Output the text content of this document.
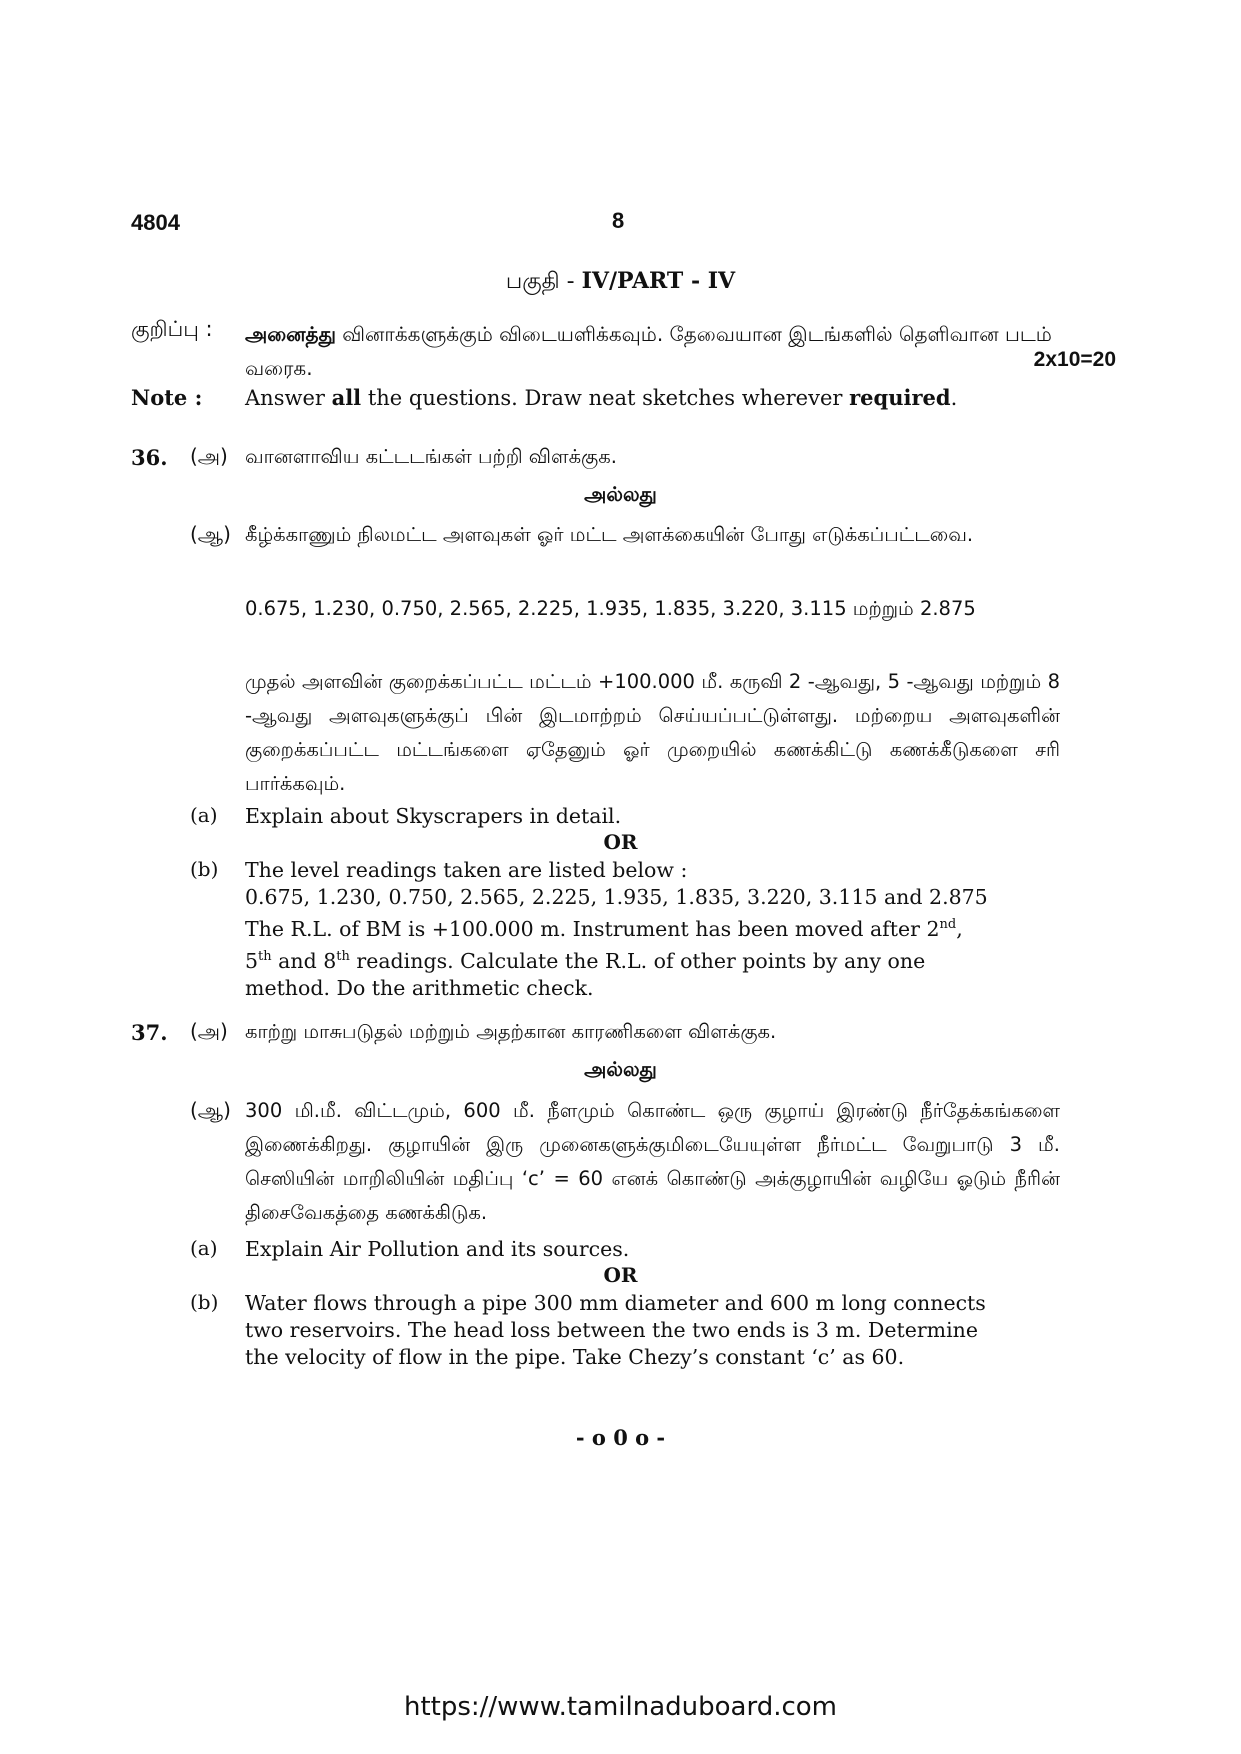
4804	8
பகுதி - IV/PART - IV
குறிப்பு : அனைத்து வினாக்களுக்கும் விடையளிக்கவும். தேவையான இடங்களில் தெளிவான படம் வரைக.	2x10=20
Note : Answer all the questions. Draw neat sketches wherever required.
36. (அ) வானளாவிய கட்டடங்கள் பற்றி விளக்குக.
அல்லது
(ஆ) கீழ்க்காணும் நிலமட்ட அளவுகள் ஓர் மட்ட அளக்கையின் போது எடுக்கப்பட்டவை.
0.675, 1.230, 0.750, 2.565, 2.225, 1.935, 1.835, 3.220, 3.115 மற்றும் 2.875
முதல் அளவின் குறைக்கப்பட்ட மட்டம் +100.000 மீ. கருவி 2 -ஆவது, 5 -ஆவது மற்றும் 8 -ஆவது அளவுகளுக்குப் பின் இடமாற்றம் செய்யப்பட்டுள்ளது. மற்றைய அளவுகளின் குறைக்கப்பட்ட மட்டங்களை ஏதேனும் ஓர் முறையில் கணக்கிட்டு கணக்கீடுகளை சரி பார்க்கவும்.
(a) Explain about Skyscrapers in detail.
OR
(b) The level readings taken are listed below :
0.675, 1.230, 0.750, 2.565, 2.225, 1.935, 1.835, 3.220, 3.115 and 2.875
The R.L. of BM is +100.000 m. Instrument has been moved after 2nd,
5th and 8th readings. Calculate the R.L. of other points by any one
method. Do the arithmetic check.
37. (அ) காற்று மாசுபடுதல் மற்றும் அதற்கான காரணிகளை விளக்குக.
அல்லது
(ஆ) 300 மி.மீ. விட்டமும், 600 மீ. நீளமும் கொண்ட ஒரு குழாய் இரண்டு நீர்தேக்கங்களை இணைக்கிறது. குழாயின் இரு முனைகளுக்குமிடையேயுள்ள நீர்மட்ட வேறுபாடு 3 மீ. செஸியின் மாறிலியின் மதிப்பு ‘c’ = 60 எனக் கொண்டு அக்குழாயின் வழியே ஓடும் நீரின் திசைவேகத்தை கணக்கிடுக.
(a) Explain Air Pollution and its sources.
OR
(b) Water flows through a pipe 300 mm diameter and 600 m long connects
two reservoirs. The head loss between the two ends is 3 m. Determine
the velocity of flow in the pipe. Take Chezy’s constant ‘c’ as 60.
- o 0 o -
https://www.tamilnaduboard.com
